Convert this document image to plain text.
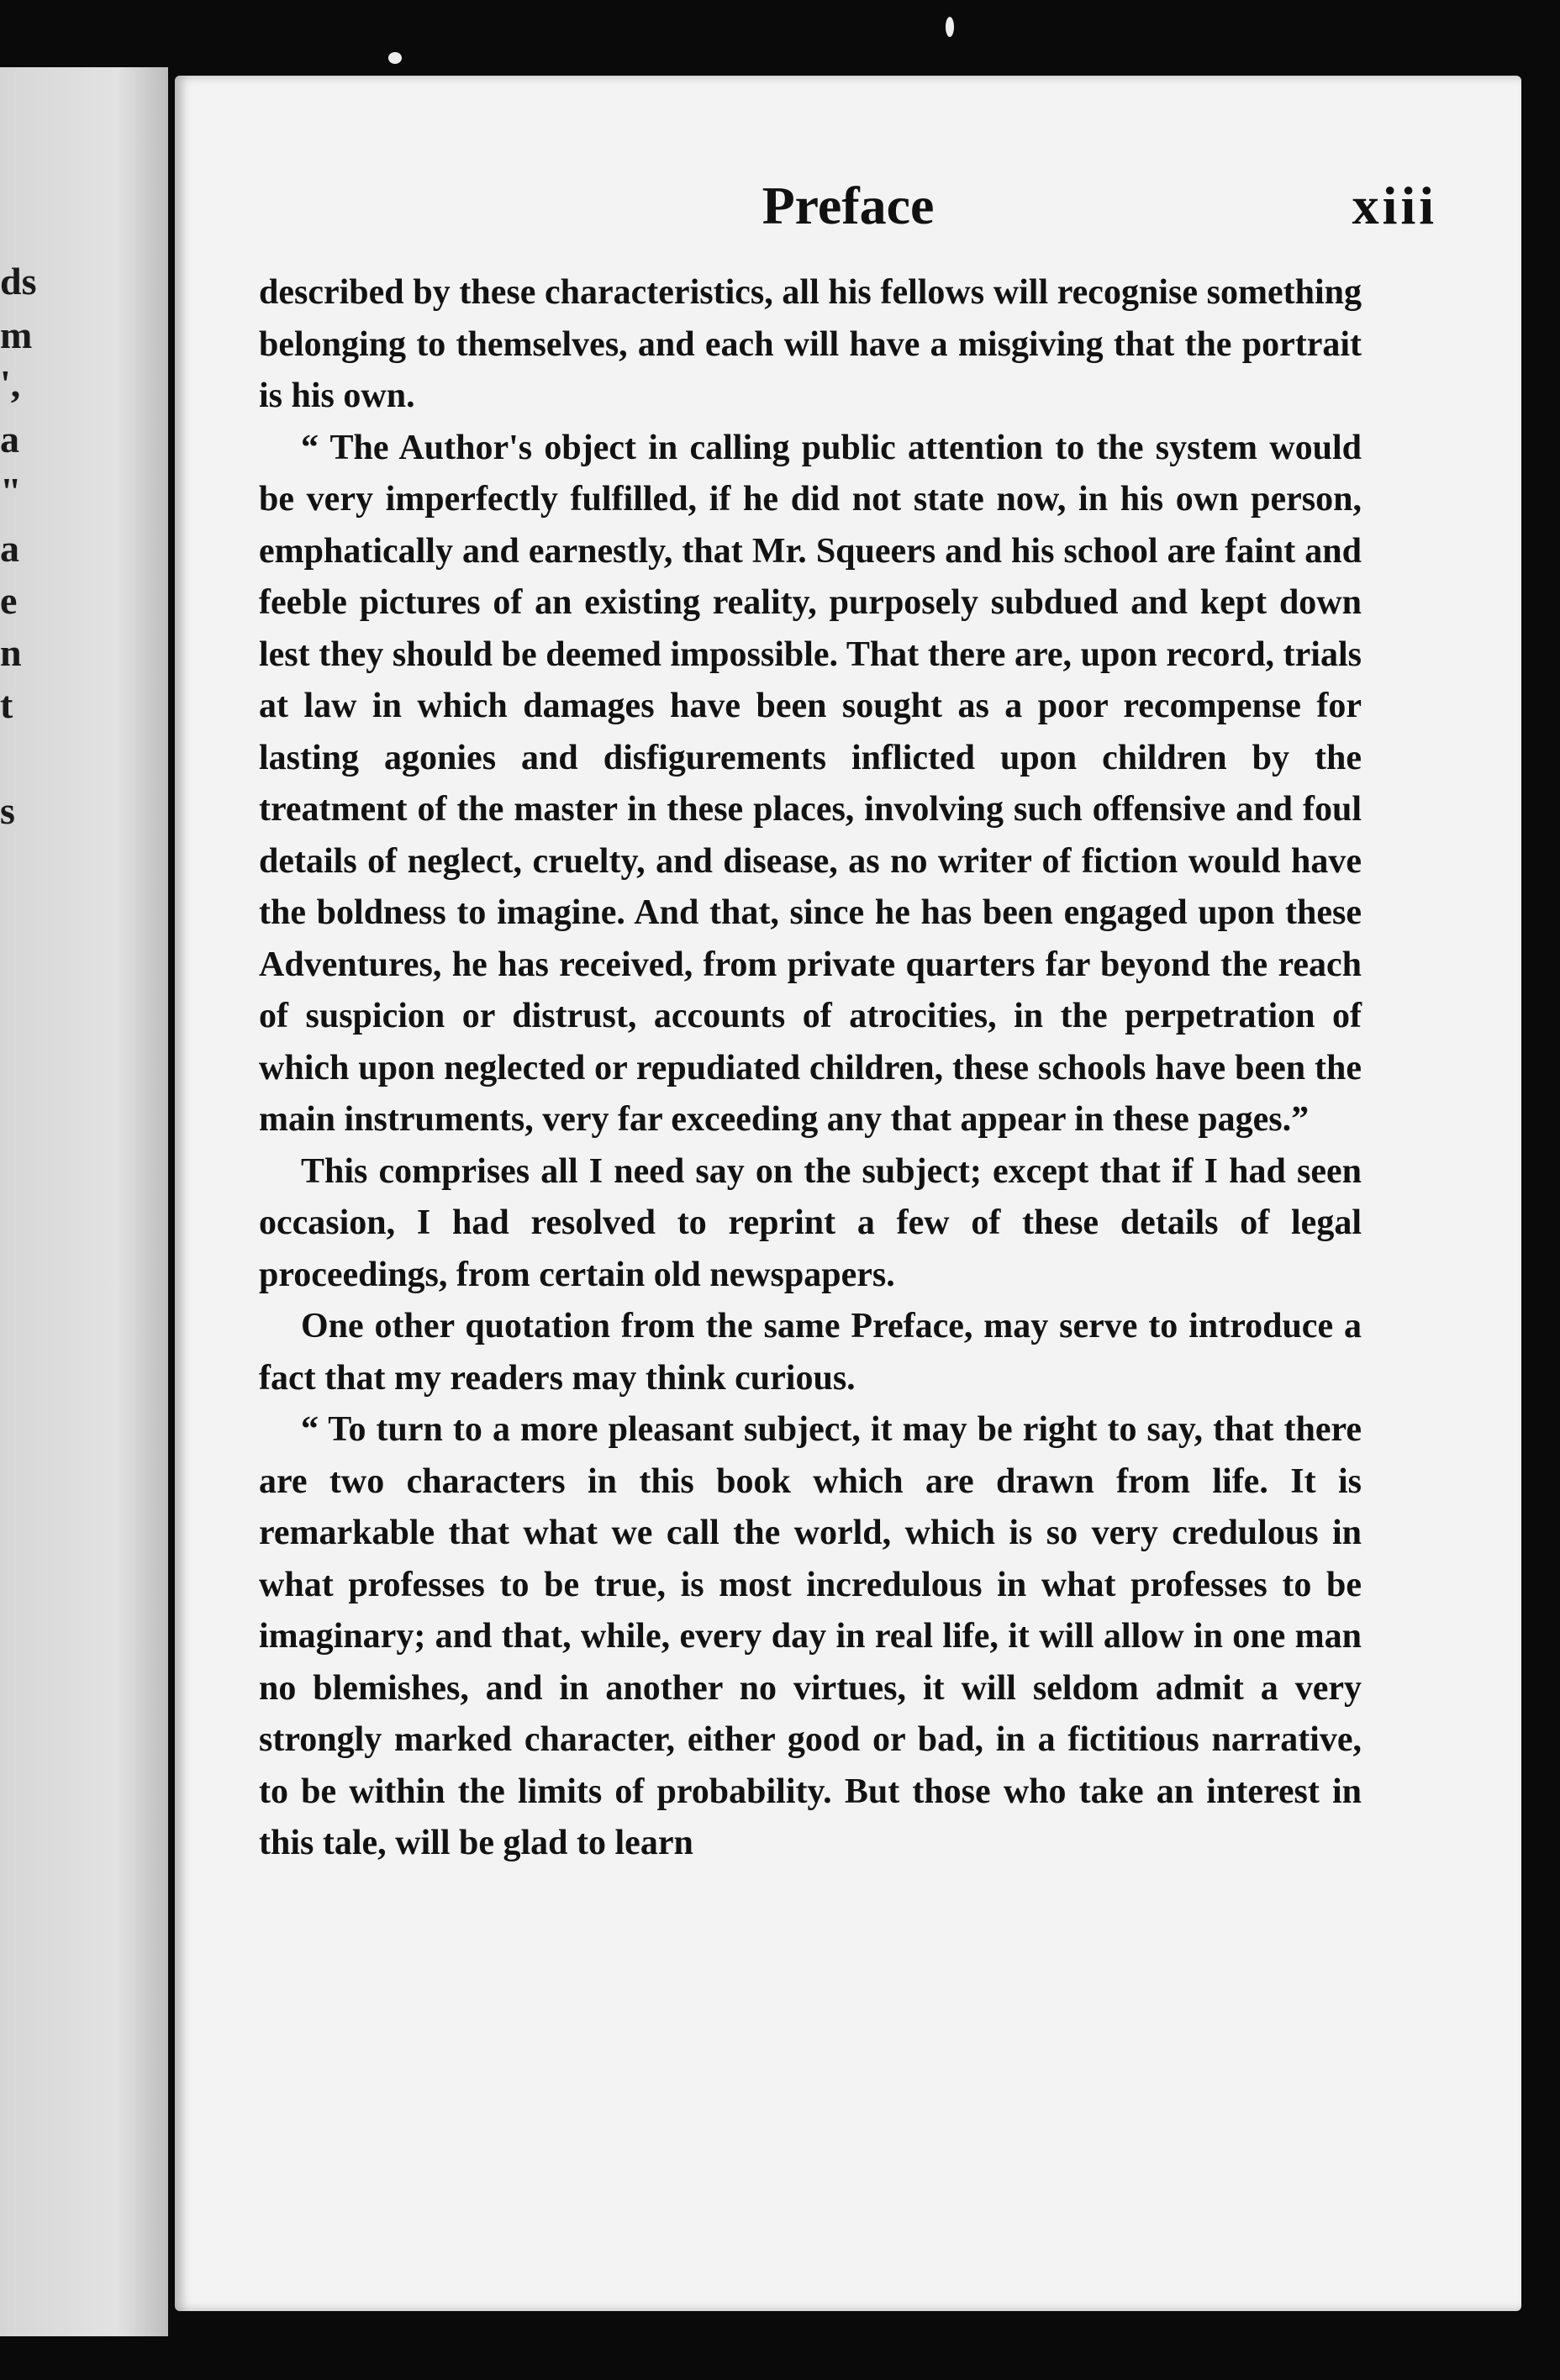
ds
m
',
a
"
a
e
n
t
s
Preface	xiii

described by these characteristics, all his fellows will recognise something belonging to themselves, and each will have a misgiving that the portrait is his own.

“ The Author's object in calling public attention to the system would be very imperfectly fulfilled, if he did not state now, in his own person, emphatically and earnestly, that Mr. Squeers and his school are faint and feeble pictures of an existing reality, purposely subdued and kept down lest they should be deemed impossible. That there are, upon record, trials at law in which damages have been sought as a poor recompense for lasting agonies and disfigurements inflicted upon children by the treatment of the master in these places, involving such offensive and foul details of neglect, cruelty, and disease, as no writer of fiction would have the boldness to imagine. And that, since he has been engaged upon these Adventures, he has received, from private quarters far beyond the reach of suspicion or distrust, accounts of atrocities, in the perpetration of which upon neglected or repudiated children, these schools have been the main instruments, very far exceeding any that appear in these pages.”

This comprises all I need say on the subject; except that if I had seen occasion, I had resolved to reprint a few of these details of legal proceedings, from certain old newspapers.

One other quotation from the same Preface, may serve to introduce a fact that my readers may think curious.

“ To turn to a more pleasant subject, it may be right to say, that there are two characters in this book which are drawn from life. It is remarkable that what we call the world, which is so very credulous in what professes to be true, is most incredulous in what professes to be imaginary; and that, while, every day in real life, it will allow in one man no blemishes, and in another no virtues, it will seldom admit a very strongly marked character, either good or bad, in a fictitious narrative, to be within the limits of probability. But those who take an interest in this tale, will be glad to learn
